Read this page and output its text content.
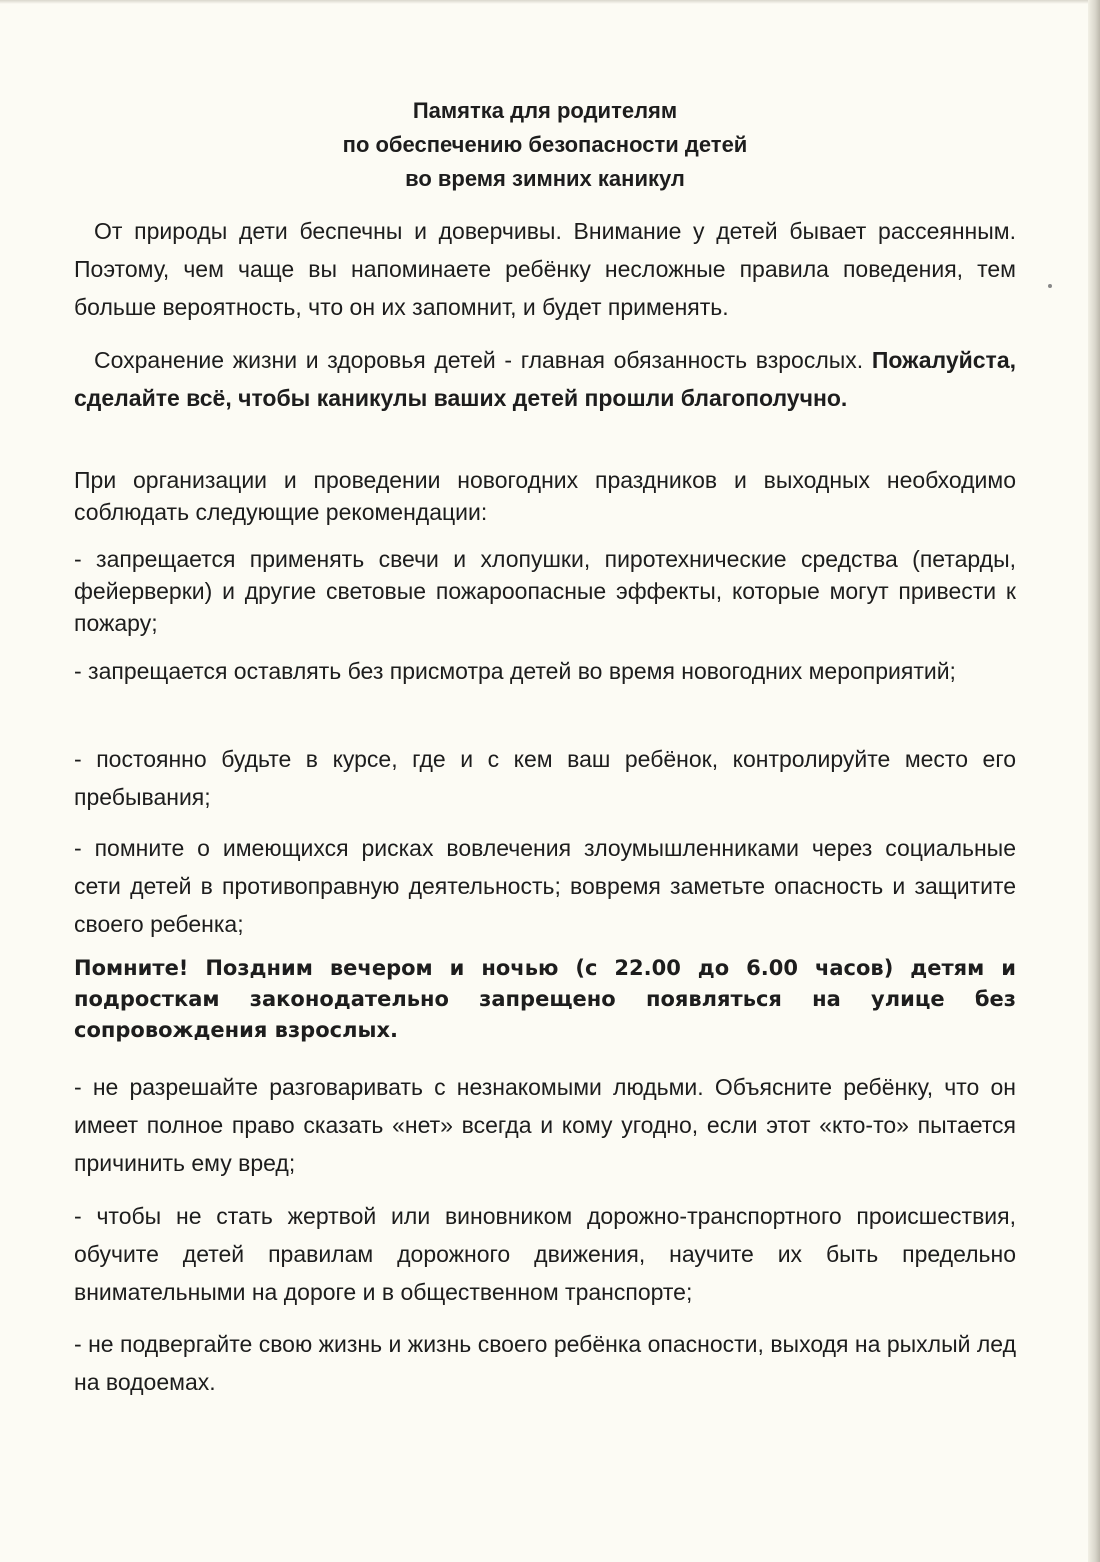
Памятка для родителям
по обеспечению безопасности детей
во время зимних каникул

От природы дети беспечны и доверчивы. Внимание у детей бывает рассеянным. Поэтому, чем чаще вы напоминаете ребёнку несложные правила поведения, тем больше вероятность, что он их запомнит, и будет применять.

Сохранение жизни и здоровья детей - главная обязанность взрослых. Пожалуйста, сделайте всё, чтобы каникулы ваших детей прошли благополучно.

При организации и проведении новогодних праздников и выходных необходимо соблюдать следующие рекомендации:

- запрещается применять свечи и хлопушки, пиротехнические средства (петарды, фейерверки) и другие световые пожароопасные эффекты, которые могут привести к пожару;

- запрещается оставлять без присмотра детей во время новогодних мероприятий;

- постоянно будьте в курсе, где и с кем ваш ребёнок, контролируйте место его пребывания;

- помните о имеющихся рисках вовлечения злоумышленниками через социальные сети детей в противоправную деятельность; вовремя заметьте опасность и защитите своего ребенка;

Помните! Поздним вечером и ночью (с 22.00 до 6.00 часов) детям и подросткам законодательно запрещено появляться на улице без сопровождения взрослых.

- не разрешайте разговаривать с незнакомыми людьми. Объясните ребёнку, что он имеет полное право сказать «нет» всегда и кому угодно, если этот «кто-то» пытается причинить ему вред;

- чтобы не стать жертвой или виновником дорожно-транспортного происшествия, обучите детей правилам дорожного движения, научите их быть предельно внимательными на дороге и в общественном транспорте;

- не подвергайте свою жизнь и жизнь своего ребёнка опасности, выходя на рыхлый лед на водоемах.
